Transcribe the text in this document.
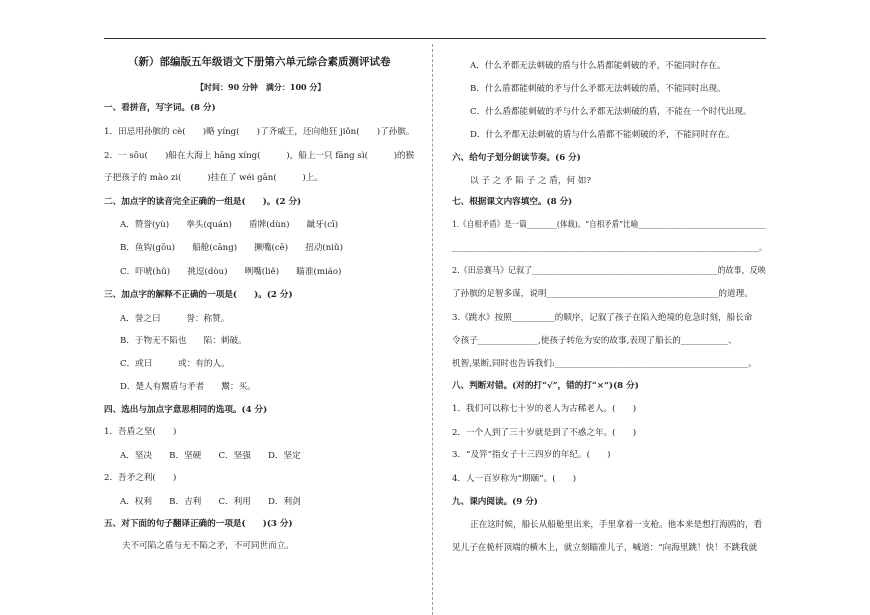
（新）部编版五年级语文下册第六单元综合素质测评试卷
【时间：90 分钟　满分：100 分】
一、看拼音，写字词。(8 分)
1．田忌用孙膑的 cè(　　)略 yíng(　　)了齐威王，还向他狂 jiǒn(　　)了孙膑。
2．一 sōu(　　)船在大海上 hāng xíng(　　　)，船上一只 fāng sì(　　　)的猴
子把孩子的 mào zi(　　　)挂在了 wéi gān(　　　)上。
二、加点字的读音完全正确的一组是(　　)。(2 分)
A．赞誉(yù)　　拳头(quán)　　盾牌(dùn)　　龇牙(cī)
B．鱼钩(gōu)　　船舱(cāng)　　撅嘴(cē)　　扭动(niǔ)
C．吓唬(hǔ)　　挑逗(dòu)　　咧嘴(liě)　　瞄准(miáo)
三、加点字的解释不正确的一项是(　　)。(2 分)
A．誉之曰　　　誉：称赞。
B．于物无不陷也　　陷：刺破。
C．或曰　　　或：有的人。
D．楚人有鬻盾与矛者　　鬻：买。
四、选出与加点字意思相同的选项。(4 分)
1．吾盾之坚(　　)
A．坚决　　B．坚硬　　C．坚强　　D．坚定
2．吾矛之利(　　)
A．权利　　B．吉利　　C．利用　　D．利剑
五、对下面的句子翻译正确的一项是(　　)(3 分)
夫不可陷之盾与无不陷之矛，不可同世而立。
A．什么矛都无法刺破的盾与什么盾都能刺破的矛，不能同时存在。
B．什么盾都能刺破的矛与什么矛都无法刺破的盾，不能同时出现。
C．什么盾都能刺破的矛与什么矛都无法刺破的盾，不能在一个时代出现。
D．什么矛都无法刺破的盾与什么盾都不能刺破的矛，不能同时存在。
六、给句子划分朗读节奏。(6 分)
以 子 之 矛 陷 子 之 盾，何 如?
七、根据课文内容填空。(8 分)
1.《自相矛盾》是一篇________(体裁)。“自相矛盾”比喻__________________________________
_______________________________________________________________________________________。
2.《田忌赛马》记叙了______________________________________________的故事，反映
了孙膑的足智多谋，说明________________________________________的道理。
3.《跳水》按照__________的顺序，记叙了孩子在陷入绝境的危急时刻，船长命
令孩子______________,使孩子转危为安的故事,表现了船长的___________、
机智,果断,同时也告诉我们:_____________________________________________。
八、判断对错。(对的打“√”，错的打“×”)(8 分)
1．我们可以称七十岁的老人为古稀老人。(　　)
2．一个人到了三十岁就是到了不惑之年。(　　)
3．“及笄”指女子十三四岁的年纪。(　　)
4．人一百岁称为“期颐”。(　　)
九、课内阅读。(9 分)
正在这时候，船长从船舱里出来，手里拿着一支枪。他本来是想打海鸥的，看
见儿子在桅杆顶端的横木上，就立刻瞄准儿子，喊道：“向海里跳！快！不跳我就
